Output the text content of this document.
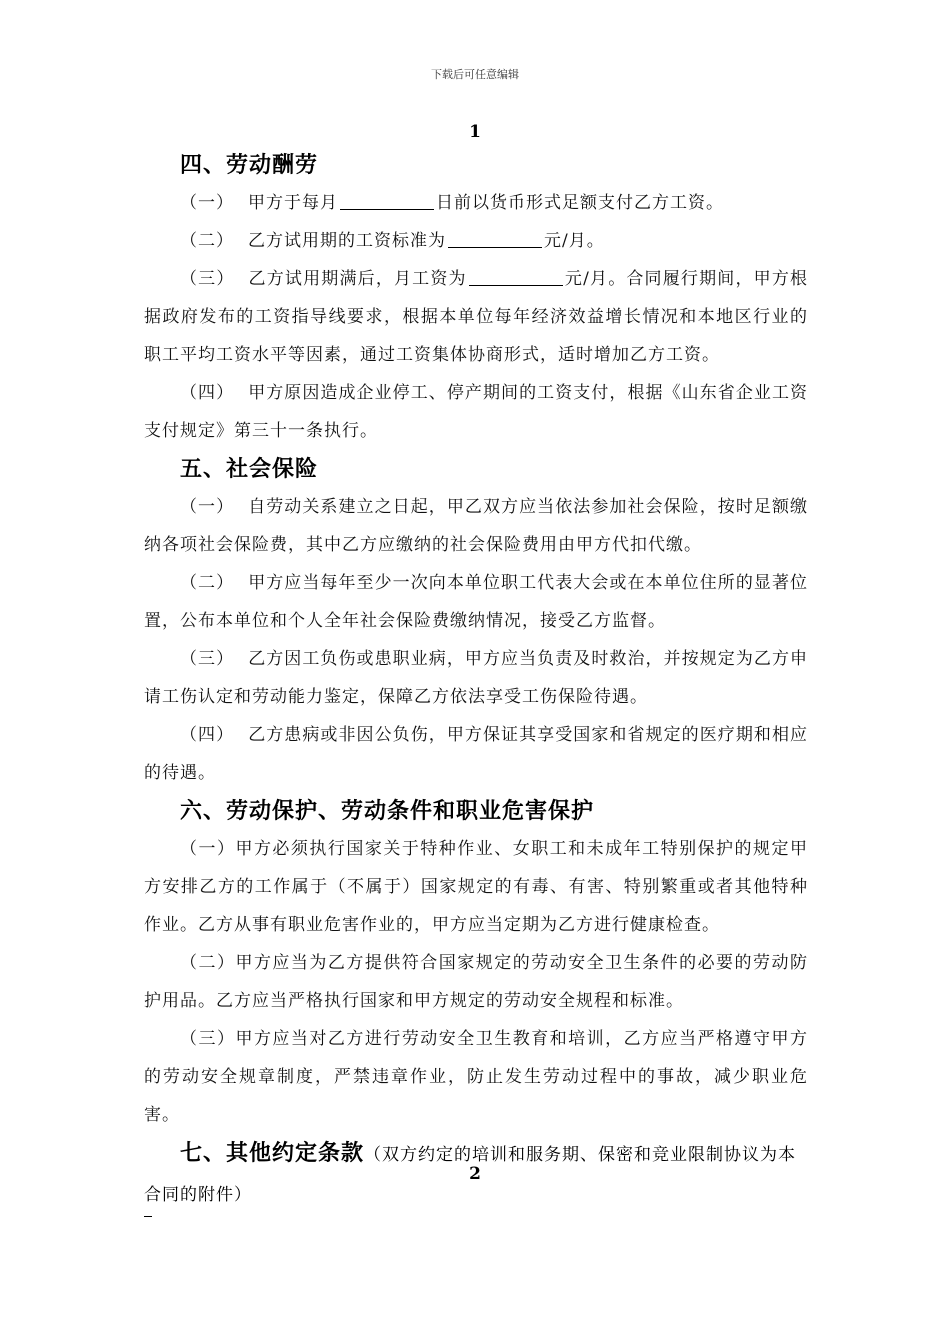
下载后可任意编辑
1

四、劳动酬劳

（一） 甲方于每月	日前以货币形式足额支付乙方工资。

（二） 乙方试用期的工资标准为	元/月。

（三） 乙方试用期满后，月工资为	元/月。合同履行期间，甲方根据政府发布的工资指导线要求，根据本单位每年经济效益增长情况和本地区行业的职工平均工资水平等因素，通过工资集体协商形式，适时增加乙方工资。

（四） 甲方原因造成企业停工、停产期间的工资支付，根据《山东省企业工资支付规定》第三十一条执行。

五、社会保险

（一） 自劳动关系建立之日起，甲乙双方应当依法参加社会保险，按时足额缴纳各项社会保险费，其中乙方应缴纳的社会保险费用由甲方代扣代缴。

（二） 甲方应当每年至少一次向本单位职工代表大会或在本单位住所的显著位置，公布本单位和个人全年社会保险费缴纳情况，接受乙方监督。

（三） 乙方因工负伤或患职业病，甲方应当负责及时救治，并按规定为乙方申请工伤认定和劳动能力鉴定，保障乙方依法享受工伤保险待遇。

（四） 乙方患病或非因公负伤，甲方保证其享受国家和省规定的医疗期和相应的待遇。

六、劳动保护、劳动条件和职业危害保护

（一）甲方必须执行国家关于特种作业、女职工和未成年工特别保护的规定甲方安排乙方的工作属于（不属于）国家规定的有毒、有害、特别繁重或者其他特种作业。乙方从事有职业危害作业的，甲方应当定期为乙方进行健康检查。

（二）甲方应当为乙方提供符合国家规定的劳动安全卫生条件的必要的劳动防护用品。乙方应当严格执行国家和甲方规定的劳动安全规程和标准。

（三）甲方应当对乙方进行劳动安全卫生教育和培训，乙方应当严格遵守甲方的劳动安全规章制度，严禁违章作业，防止发生劳动过程中的事故，减少职业危害。

七、其他约定条款（双方约定的培训和服务期、保密和竞业限制协议为本合同的附件）

2
